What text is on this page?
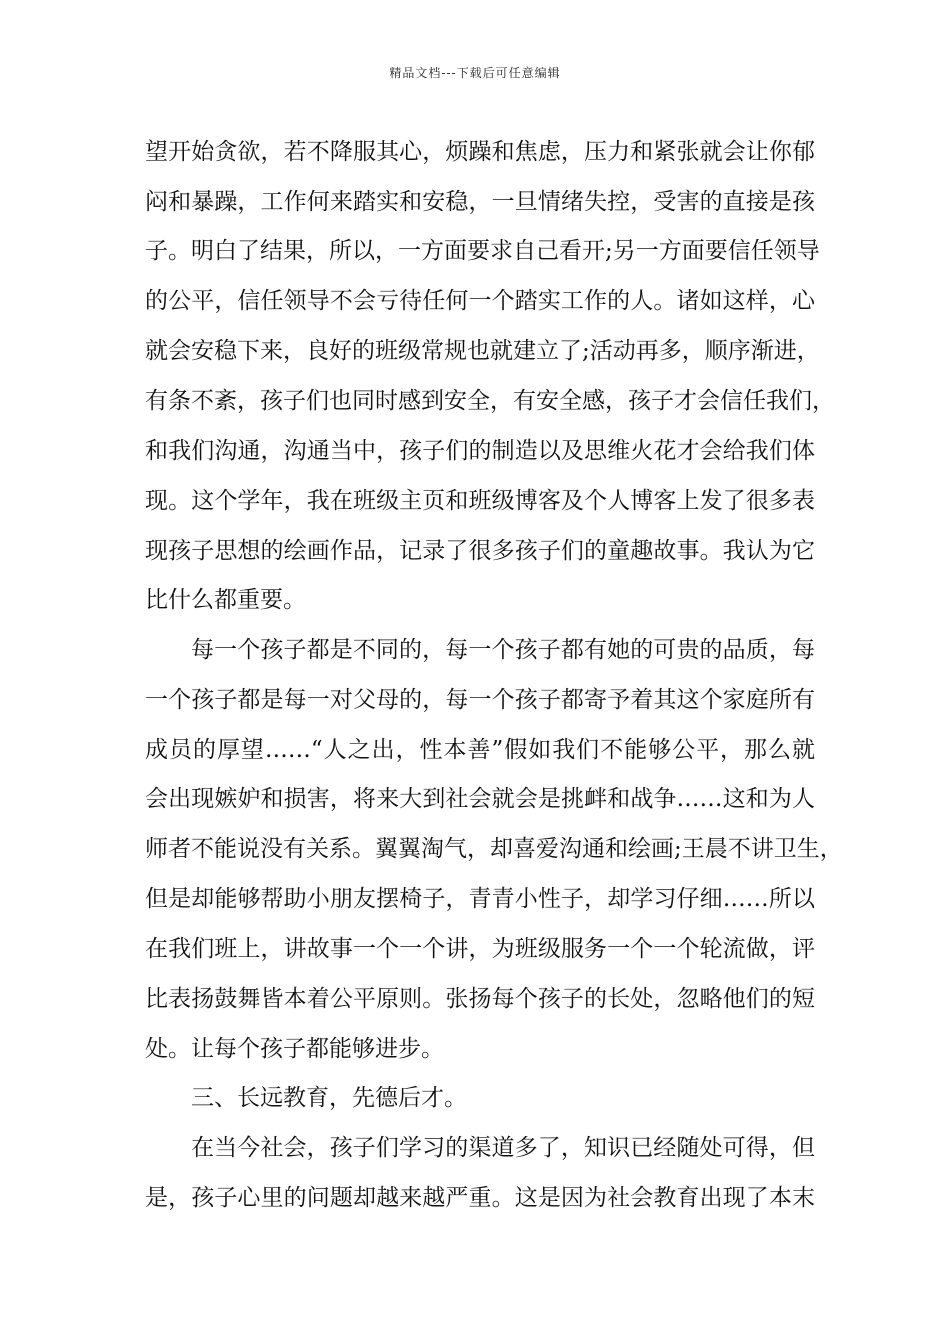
精品文档---下载后可任意编辑
望开始贪欲，若不降服其心，烦躁和焦虑，压力和紧张就会让你郁
闷和暴躁，工作何来踏实和安稳，一旦情绪失控，受害的直接是孩
子。明白了结果，所以，一方面要求自己看开;另一方面要信任领导
的公平，信任领导不会亏待任何一个踏实工作的人。诸如这样，心
就会安稳下来，良好的班级常规也就建立了;活动再多，顺序渐进，
有条不紊，孩子们也同时感到安全，有安全感，孩子才会信任我们，
和我们沟通，沟通当中，孩子们的制造以及思维火花才会给我们体
现。这个学年，我在班级主页和班级博客及个人博客上发了很多表
现孩子思想的绘画作品，记录了很多孩子们的童趣故事。我认为它
比什么都重要。
每一个孩子都是不同的，每一个孩子都有她的可贵的品质，每
一个孩子都是每一对父母的，每一个孩子都寄予着其这个家庭所有
成员的厚望……“人之出，性本善”假如我们不能够公平，那么就
会出现嫉妒和损害，将来大到社会就会是挑衅和战争……这和为人
师者不能说没有关系。翼翼淘气，却喜爱沟通和绘画;王晨不讲卫生，
但是却能够帮助小朋友摆椅子，青青小性子，却学习仔细……所以
在我们班上，讲故事一个一个讲，为班级服务一个一个轮流做，评
比表扬鼓舞皆本着公平原则。张扬每个孩子的长处，忽略他们的短
处。让每个孩子都能够进步。
三、长远教育，先德后才。
在当今社会，孩子们学习的渠道多了，知识已经随处可得，但
是，孩子心里的问题却越来越严重。这是因为社会教育出现了本末
